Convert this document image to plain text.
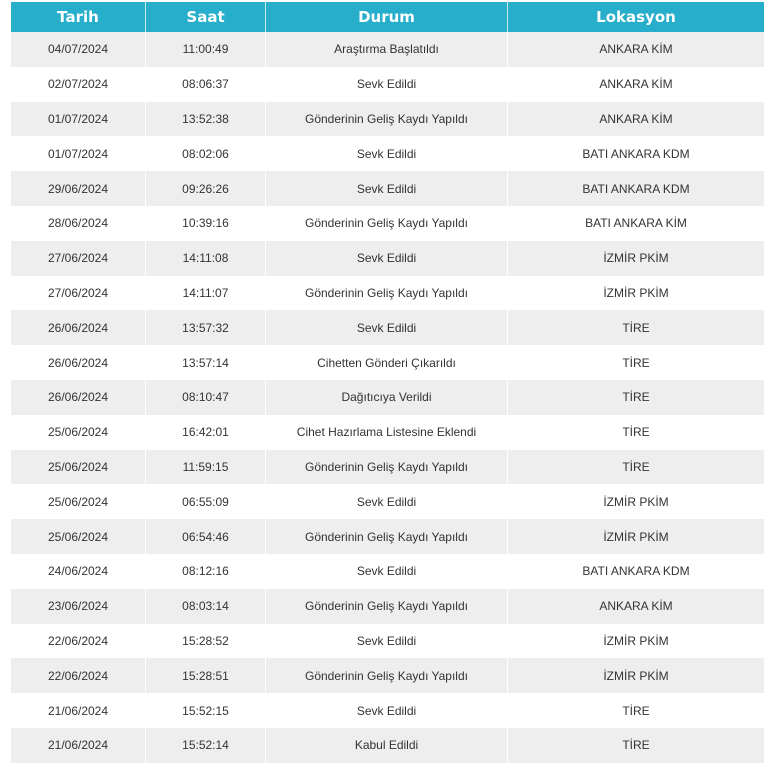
Tarih	Saat	Durum	Lokasyon
04/07/2024	11:00:49	Araştırma Başlatıldı	ANKARA KİM
02/07/2024	08:06:37	Sevk Edildi	ANKARA KİM
01/07/2024	13:52:38	Gönderinin Geliş Kaydı Yapıldı	ANKARA KİM
01/07/2024	08:02:06	Sevk Edildi	BATI ANKARA KDM
29/06/2024	09:26:26	Sevk Edildi	BATI ANKARA KDM
28/06/2024	10:39:16	Gönderinin Geliş Kaydı Yapıldı	BATI ANKARA KİM
27/06/2024	14:11:08	Sevk Edildi	İZMİR PKİM
27/06/2024	14:11:07	Gönderinin Geliş Kaydı Yapıldı	İZMİR PKİM
26/06/2024	13:57:32	Sevk Edildi	TİRE
26/06/2024	13:57:14	Cihetten Gönderi Çıkarıldı	TİRE
26/06/2024	08:10:47	Dağıtıcıya Verildi	TİRE
25/06/2024	16:42:01	Cihet Hazırlama Listesine Eklendi	TİRE
25/06/2024	11:59:15	Gönderinin Geliş Kaydı Yapıldı	TİRE
25/06/2024	06:55:09	Sevk Edildi	İZMİR PKİM
25/06/2024	06:54:46	Gönderinin Geliş Kaydı Yapıldı	İZMİR PKİM
24/06/2024	08:12:16	Sevk Edildi	BATI ANKARA KDM
23/06/2024	08:03:14	Gönderinin Geliş Kaydı Yapıldı	ANKARA KİM
22/06/2024	15:28:52	Sevk Edildi	İZMİR PKİM
22/06/2024	15:28:51	Gönderinin Geliş Kaydı Yapıldı	İZMİR PKİM
21/06/2024	15:52:15	Sevk Edildi	TİRE
21/06/2024	15:52:14	Kabul Edildi	TİRE
